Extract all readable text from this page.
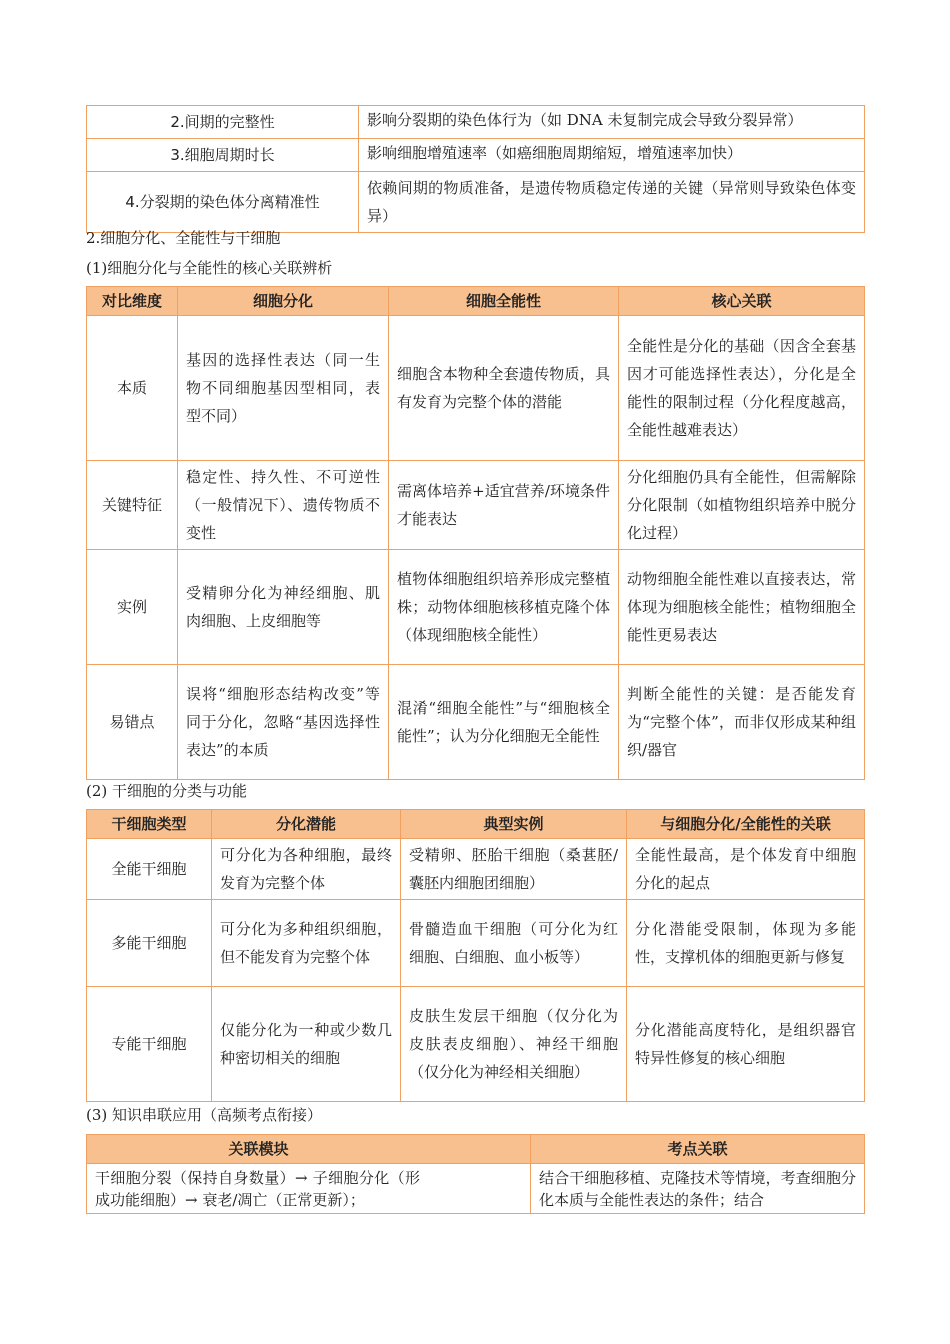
2.间期的完整性	影响分裂期的染色体行为（如 DNA 未复制完成会导致分裂异常）
3.细胞周期时长	影响细胞增殖速率（如癌细胞周期缩短，增殖速率加快）
4.分裂期的染色体分离精准性	依赖间期的物质准备，是遗传物质稳定传递的关键（异常则导致染色体变异）
2.细胞分化、全能性与干细胞
(1)细胞分化与全能性的核心关联辨析
对比维度	细胞分化	细胞全能性	核心关联
本质	基因的选择性表达（同一生物不同细胞基因型相同，表型不同）	细胞含本物种全套遗传物质，具有发育为完整个体的潜能	全能性是分化的基础（因含全套基因才可能选择性表达），分化是全能性的限制过程（分化程度越高，全能性越难表达）
关键特征	稳定性、持久性、不可逆性（一般情况下）、遗传物质不变性	需离体培养+适宜营养/环境条件才能表达	分化细胞仍具有全能性，但需解除分化限制（如植物组织培养中脱分化过程）
实例	受精卵分化为神经细胞、肌肉细胞、上皮细胞等	植物体细胞组织培养形成完整植株；动物体细胞核移植克隆个体（体现细胞核全能性）	动物细胞全能性难以直接表达，常体现为细胞核全能性；植物细胞全能性更易表达
易错点	误将“细胞形态结构改变”等同于分化，忽略“基因选择性表达”的本质	混淆“细胞全能性”与“细胞核全能性”；认为分化细胞无全能性	判断全能性的关键：是否能发育为“完整个体”，而非仅形成某种组织/器官
(2) 干细胞的分类与功能
干细胞类型	分化潜能	典型实例	与细胞分化/全能性的关联
全能干细胞	可分化为各种细胞，最终发育为完整个体	受精卵、胚胎干细胞（桑葚胚/囊胚内细胞团细胞）	全能性最高，是个体发育中细胞分化的起点
多能干细胞	可分化为多种组织细胞，但不能发育为完整个体	骨髓造血干细胞（可分化为红细胞、白细胞、血小板等）	分化潜能受限制，体现为多能性，支撑机体的细胞更新与修复
专能干细胞	仅能分化为一种或少数几种密切相关的细胞	皮肤生发层干细胞（仅分化为皮肤表皮细胞）、神经干细胞（仅分化为神经相关细胞）	分化潜能高度特化，是组织器官特异性修复的核心细胞
(3) 知识串联应用（高频考点衔接）
关联模块	考点关联
干细胞分裂（保持自身数量）→ 子细胞分化（形成功能细胞）→ 衰老/凋亡（正常更新）；	结合干细胞移植、克隆技术等情境，考查细胞分化本质与全能性表达的条件；结合
